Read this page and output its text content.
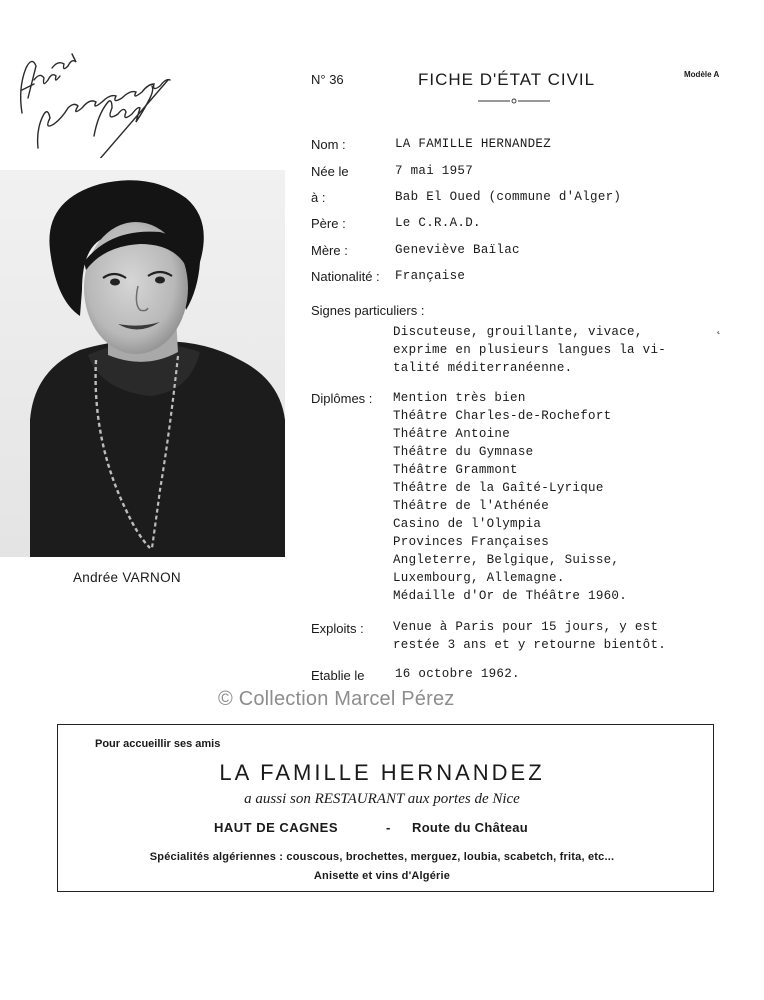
N° 36	FICHE D'ÉTAT CIVIL	Modèle A
Andrée VARNON
Nom :	LA FAMILLE HERNANDEZ
Née le	7 mai 1957
à :	Bab El Oued (commune d'Alger)
Père :	Le C.R.A.D.
Mère :	Geneviève Baïlac
Nationalité : Française
Signes particuliers :
Discuteuse, grouillante, vivace,
exprime en plusieurs langues la vi-
talité méditerranéenne.
˛
Diplômes : Mention très bien
Théâtre Charles-de-Rochefort
Théâtre Antoine
Théâtre du Gymnase
Théâtre Grammont
Théâtre de la Gaîté-Lyrique
Théâtre de l'Athénée
Casino de l'Olympia
Provinces Françaises
Angleterre, Belgique, Suisse,
Luxembourg, Allemagne.
Médaille d'Or de Théâtre 1960.
Exploits : Venue à Paris pour 15 jours, y est
restée 3 ans et y retourne bientôt.
Etablie le 16 octobre 1962.
© Collection Marcel Pérez
Pour accueillir ses amis
LA FAMILLE HERNANDEZ
a aussi son RESTAURANT aux portes de Nice
HAUT DE CAGNES	- Route du Château
Spécialités algériennes : couscous, brochettes, merguez, loubia, scabetch, frita, etc...
Anisette et vins d'Algérie
